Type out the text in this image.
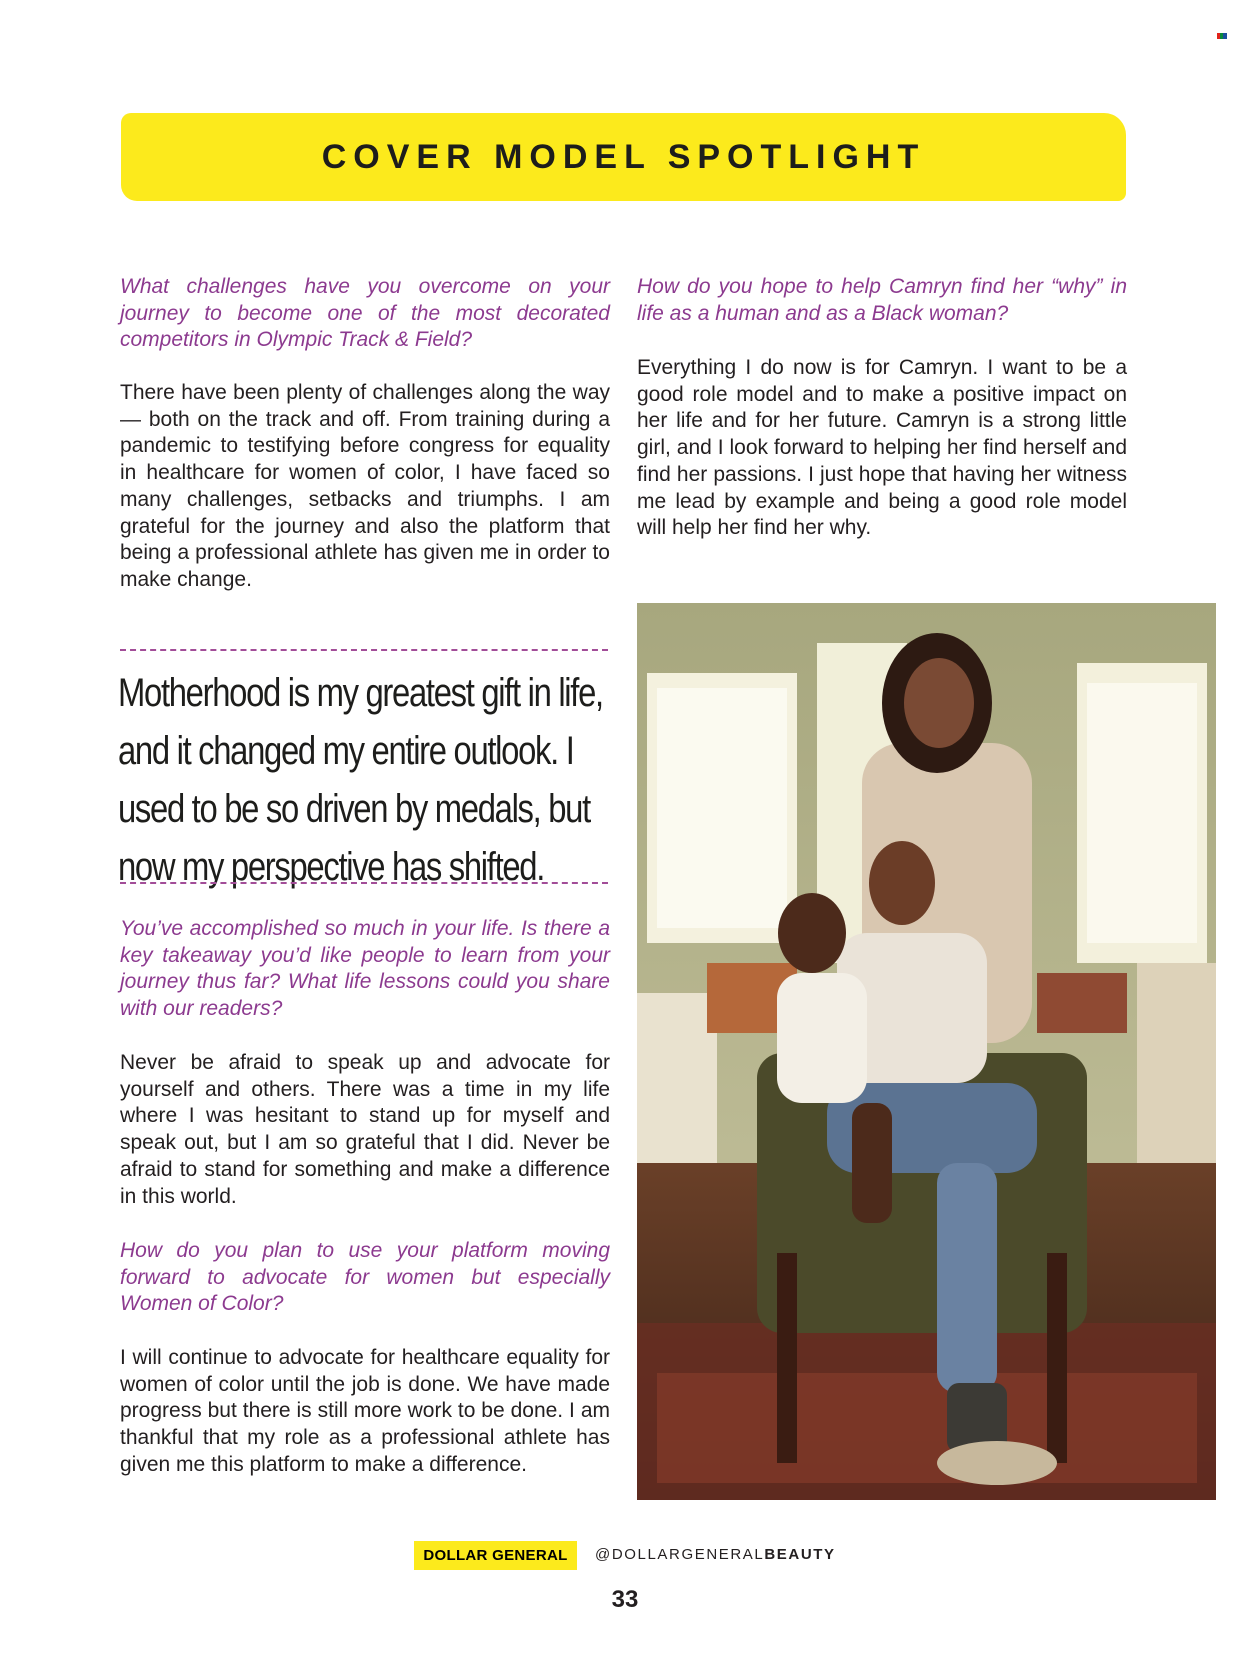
COVER MODEL SPOTLIGHT

What challenges have you overcome on your journey to become one of the most decorated competitors in Olympic Track & Field?

There have been plenty of challenges along the way — both on the track and off. From training during a pandemic to testifying before congress for equality in healthcare for women of color, I have faced so many challenges, setbacks and triumphs. I am grateful for the journey and also the platform that being a professional athlete has given me in order to make change.

Motherhood is my greatest gift in life,
and it changed my entire outlook. I
used to be so driven by medals, but
now my perspective has shifted.

You’ve accomplished so much in your life. Is there a key takeaway you’d like people to learn from your journey thus far? What life lessons could you share with our readers?

Never be afraid to speak up and advocate for yourself and others. There was a time in my life where I was hesitant to stand up for myself and speak out, but I am so grateful that I did. Never be afraid to stand for something and make a difference in this world.

How do you plan to use your platform moving forward to advocate for women but especially Women of Color?

I will continue to advocate for healthcare equality for women of color until the job is done. We have made progress but there is still more work to be done. I am thankful that my role as a professional athlete has given me this platform to make a difference.

How do you hope to help Camryn find her “why” in life as a human and as a Black woman?

Everything I do now is for Camryn. I want to be a good role model and to make a positive impact on her life and for her future. Camryn is a strong little girl, and I look forward to helping her find herself and find her passions. I just hope that having her witness me lead by example and being a good role model will help her find her why.

DOLLAR GENERAL @DOLLARGENERALBEAUTY
33
